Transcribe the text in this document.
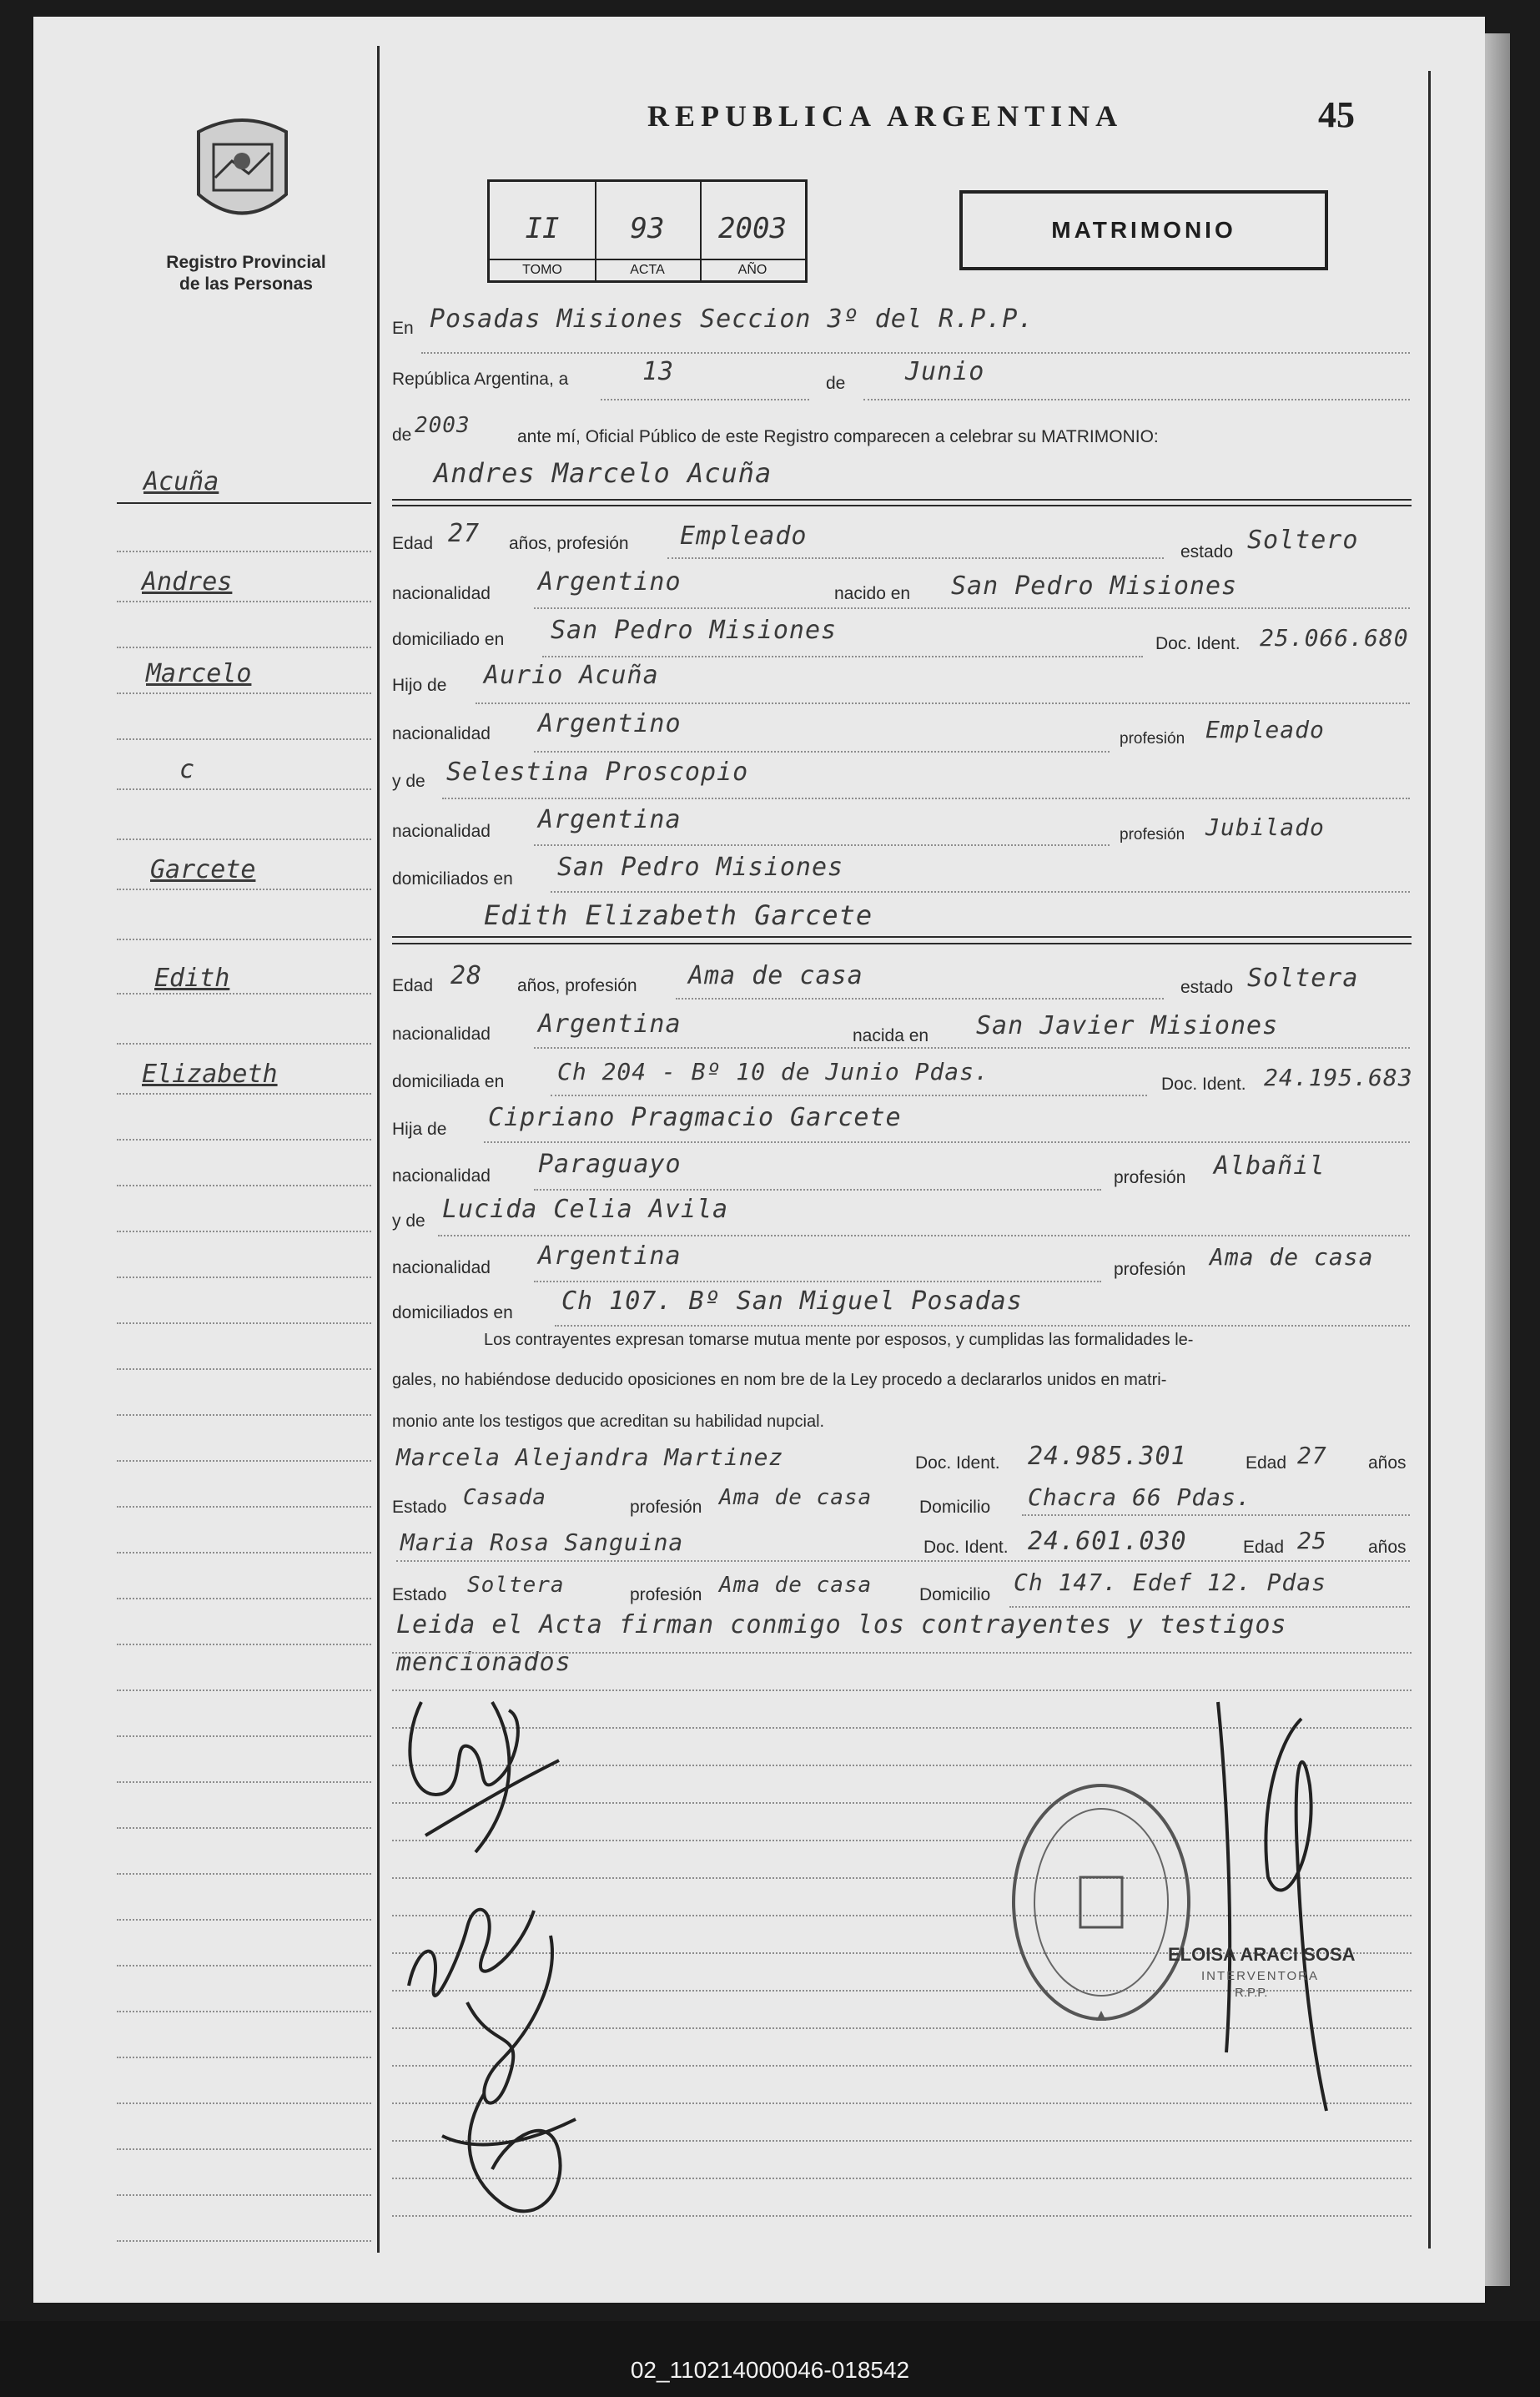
Registro Provincial
de las Personas
REPUBLICA ARGENTINA	45
II
TOMO
93
ACTA
2003
AÑO
MATRIMONIO
Acuña
Andres
Marcelo
c
Garcete
Edith
Elizabeth
En Posadas Misiones Seccion 3º del R.P.P.
República Argentina, a	13	de Junio
de 2003	ante mí, Oficial Público de este Registro comparecen a celebrar su MATRIMONIO:
Andres Marcelo Acuña
Edad 27 años, profesión Empleado
estado Soltero
nacionalidad Argentino	nacido en San Pedro Misiones
domiciliado en San Pedro Misiones	Doc. Ident. 25.066.680
Hijo de Aurio Acuña
nacionalidad Argentino
profesión Empleado
y de Selestina Proscopio
nacionalidad Argentina
profesión Jubilado
domiciliados en San Pedro Misiones
Edith Elizabeth Garcete
Edad 28 años, profesión Ama de casa	estado Soltera
nacionalidad Argentina	nacida en San Javier Misiones
domiciliada en Ch 204 - Bº 10 de Junio Pdas.	Doc. Ident. 24.195.683
Hija de Cipriano Pragmacio Garcete
nacionalidad Paraguayo	profesión Albañil
y de Lucida Celia Avila
nacionalidad Argentina	profesión Ama de casa
domiciliados en Ch 107. Bº San Miguel Posadas
Los contrayentes expresan tomarse mutua mente por esposos, y cumplidas las formalidades le-
gales, no habiéndose deducido oposiciones en nom bre de la Ley procedo a declararlos unidos en matri-
monio ante los testigos que acreditan su habilidad nupcial.
Marcela Alejandra Martinez	Doc. Ident. 24.985.301	Edad 27 años
Estado Casada	profesión Ama de casa	Domicilio Chacra 66 Pdas.
Maria Rosa Sanguina	Doc. Ident. 24.601.030	Edad 25 años
Estado Soltera	profesión Ama de casa	Domicilio Ch 147. Edef 12. Pdas
Leida el Acta firman conmigo los contrayentes y testigos
mencionados
ELOISA ARACI SOSA
INTERVENTORA
R.P.P.
02_110214000046-018542
